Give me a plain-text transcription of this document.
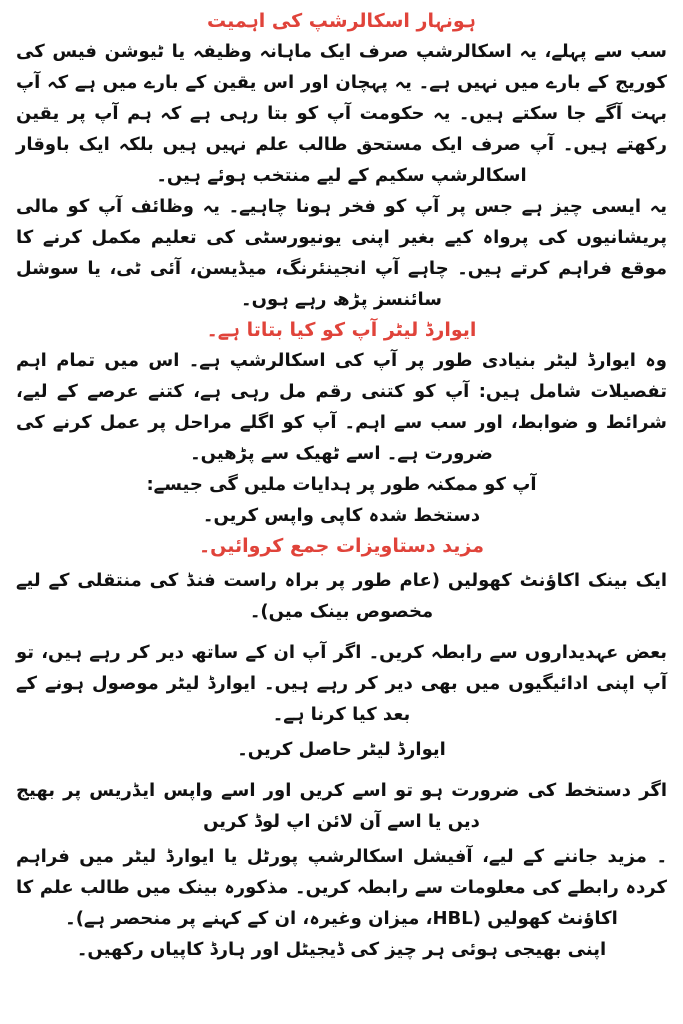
ہونہار اسکالرشپ کی اہمیت

سب سے پہلے، یہ اسکالرشپ صرف ایک ماہانہ وظیفہ یا ٹیوشن فیس کی کوریج کے بارے میں نہیں ہے۔ یہ پہچان اور اس یقین کے بارے میں ہے کہ آپ بہت آگے جا سکتے ہیں۔ یہ حکومت آپ کو بتا رہی ہے کہ ہم آپ پر یقین رکھتے ہیں۔ آپ صرف ایک مستحق طالب علم نہیں ہیں بلکہ ایک باوقار اسکالرشپ سکیم کے لیے منتخب ہوئے ہیں۔

یہ ایسی چیز ہے جس پر آپ کو فخر ہونا چاہیے۔ یہ وظائف آپ کو مالی پریشانیوں کی پرواہ کیے بغیر اپنی یونیورسٹی کی تعلیم مکمل کرنے کا موقع فراہم کرتے ہیں۔ چاہے آپ انجینئرنگ، میڈیسن، آئی ٹی، یا سوشل سائنسز پڑھ رہے ہوں۔

ایوارڈ لیٹر آپ کو کیا بتاتا ہے۔

وہ ایوارڈ لیٹر بنیادی طور پر آپ کی اسکالرشپ ہے۔ اس میں تمام اہم تفصیلات شامل ہیں: آپ کو کتنی رقم مل رہی ہے، کتنے عرصے کے لیے، شرائط و ضوابط، اور سب سے اہم۔ آپ کو اگلے مراحل پر عمل کرنے کی ضرورت ہے۔ اسے ٹھیک سے پڑھیں۔

آپ کو ممکنہ طور پر ہدایات ملیں گی جیسے:

دستخط شدہ کاپی واپس کریں۔

مزید دستاویزات جمع کروائیں۔

ایک بینک اکاؤنٹ کھولیں (عام طور پر براہ راست فنڈ کی منتقلی کے لیے مخصوص بینک میں)۔

بعض عہدیداروں سے رابطہ کریں۔ اگر آپ ان کے ساتھ دیر کر رہے ہیں، تو آپ اپنی ادائیگیوں میں بھی دیر کر رہے ہیں۔ ایوارڈ لیٹر موصول ہونے کے بعد کیا کرنا ہے۔

ایوارڈ لیٹر حاصل کریں۔

اگر دستخط کی ضرورت ہو تو اسے کریں اور اسے واپس ایڈریس پر بھیج دیں یا اسے آن لائن اپ لوڈ کریں

۔ مزید جاننے کے لیے، آفیشل اسکالرشپ پورٹل یا ایوارڈ لیٹر میں فراہم کردہ رابطے کی معلومات سے رابطہ کریں۔ مذکورہ بینک میں طالب علم کا اکاؤنٹ کھولیں (HBL، میزان وغیرہ، ان کے کہنے پر منحصر ہے)۔

اپنی بھیجی ہوئی ہر چیز کی ڈیجیٹل اور ہارڈ کاپیاں رکھیں۔
